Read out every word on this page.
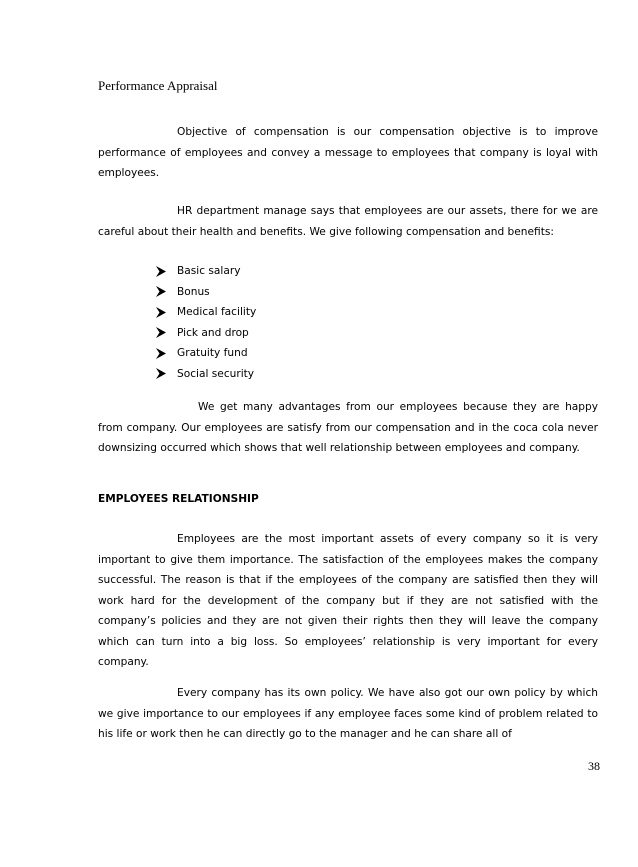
Performance Appraisal
Objective of compensation is our compensation objective is to improve performance of employees and convey a message to employees that company is loyal with employees.
HR department manage says that employees are our assets, there for we are careful about their health and benefits. We give following compensation and benefits:
Basic salary
Bonus
Medical facility
Pick and drop
Gratuity fund
Social security
We get many advantages from our employees because they are happy from company. Our employees are satisfy from our compensation and in the coca cola never downsizing occurred which shows that well relationship between employees and company.
EMPLOYEES RELATIONSHIP
Employees are the most important assets of every company so it is very important to give them importance. The satisfaction of the employees makes the company successful. The reason is that if the employees of the company are satisfied then they will work hard for the development of the company but if they are not satisfied with the company’s policies and they are not given their rights then they will leave the company which can turn into a big loss. So employees’ relationship is very important for every company.
Every company has its own policy. We have also got our own policy by which we give importance to our employees if any employee faces some kind of problem related to his life or work then he can directly go to the manager and he can share all of
38
